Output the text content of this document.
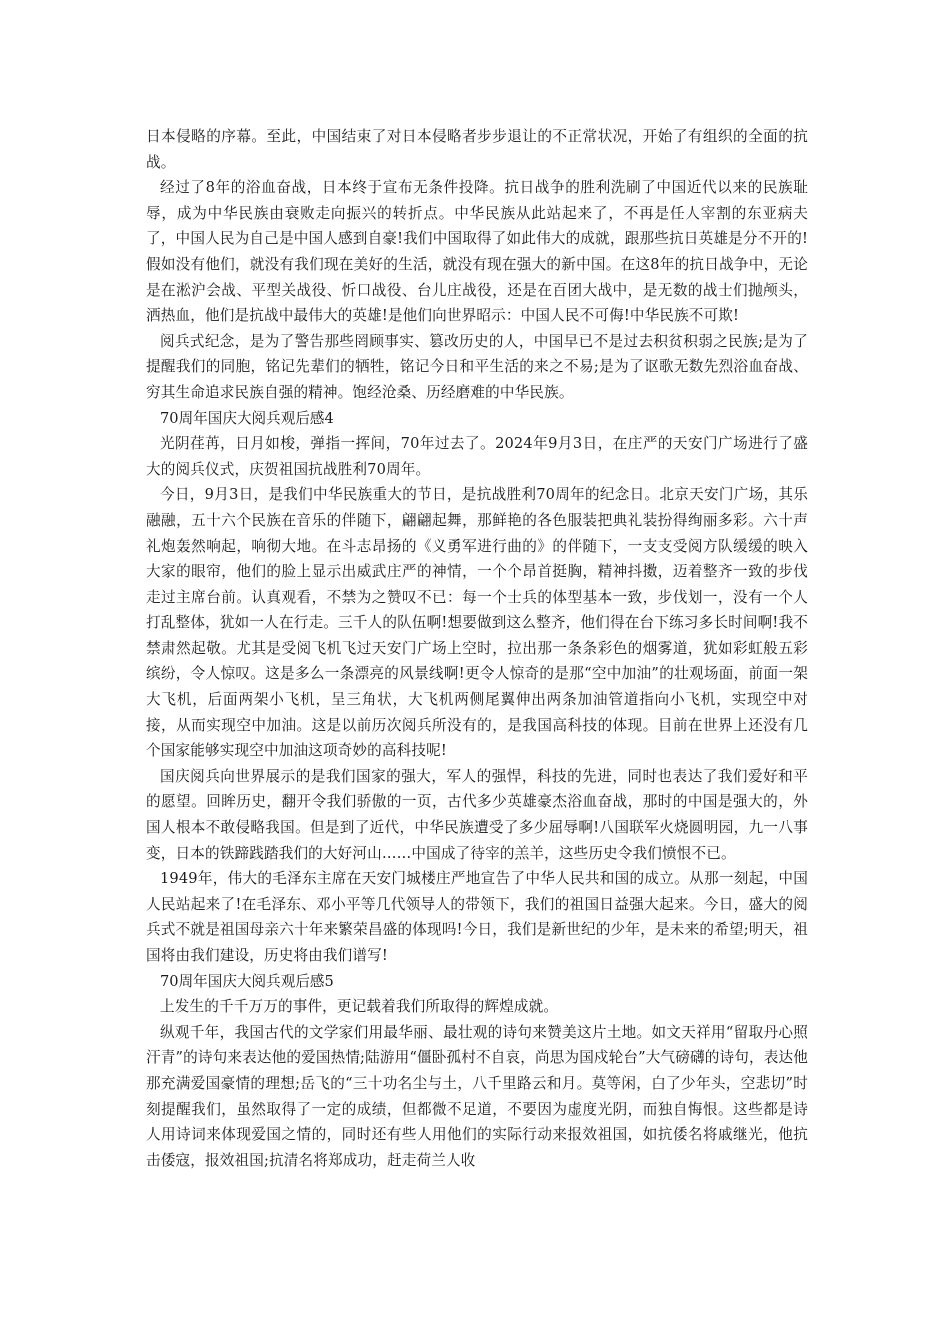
日本侵略的序幕。至此，中国结束了对日本侵略者步步退让的不正常状况，开始了有组织的全面的抗战。

经过了8年的浴血奋战，日本终于宣布无条件投降。抗日战争的胜利洗刷了中国近代以来的民族耻辱，成为中华民族由衰败走向振兴的转折点。中华民族从此站起来了，不再是任人宰割的东亚病夫了，中国人民为自己是中国人感到自豪!我们中国取得了如此伟大的成就，跟那些抗日英雄是分不开的!假如没有他们，就没有我们现在美好的生活，就没有现在强大的新中国。在这8年的抗日战争中，无论是在淞沪会战、平型关战役、忻口战役、台儿庄战役，还是在百团大战中，是无数的战士们抛颅头，洒热血，他们是抗战中最伟大的英雄!是他们向世界昭示：中国人民不可侮!中华民族不可欺!

阅兵式纪念，是为了警告那些罔顾事实、篡改历史的人，中国早已不是过去积贫积弱之民族;是为了提醒我们的同胞，铭记先辈们的牺牲，铭记今日和平生活的来之不易;是为了讴歌无数先烈浴血奋战、穷其生命追求民族自强的精神。饱经沧桑、历经磨难的中华民族。

70周年国庆大阅兵观后感4

光阴荏苒，日月如梭，弹指一挥间，70年过去了。2024年9月3日，在庄严的天安门广场进行了盛大的阅兵仪式，庆贺祖国抗战胜利70周年。

今日，9月3日，是我们中华民族重大的节日，是抗战胜利70周年的纪念日。北京天安门广场，其乐融融，五十六个民族在音乐的伴随下，翩翩起舞，那鲜艳的各色服装把典礼装扮得绚丽多彩。六十声礼炮轰然响起，响彻大地。在斗志昂扬的《义勇军进行曲的》的伴随下，一支支受阅方队缓缓的映入大家的眼帘，他们的脸上显示出威武庄严的神情，一个个昂首挺胸，精神抖擞，迈着整齐一致的步伐走过主席台前。认真观看，不禁为之赞叹不已：每一个士兵的体型基本一致，步伐划一，没有一个人打乱整体，犹如一人在行走。三千人的队伍啊!想要做到这么整齐，他们得在台下练习多长时间啊!我不禁肃然起敬。尤其是受阅飞机飞过天安门广场上空时，拉出那一条条彩色的烟雾道，犹如彩虹般五彩缤纷，令人惊叹。这是多么一条漂亮的风景线啊!更令人惊奇的是那“空中加油”的壮观场面，前面一架大飞机，后面两架小飞机，呈三角状，大飞机两侧尾翼伸出两条加油管道指向小飞机，实现空中对接，从而实现空中加油。这是以前历次阅兵所没有的，是我国高科技的体现。目前在世界上还没有几个国家能够实现空中加油这项奇妙的高科技呢!

国庆阅兵向世界展示的是我们国家的强大，军人的强悍，科技的先进，同时也表达了我们爱好和平的愿望。回眸历史，翻开令我们骄傲的一页，古代多少英雄豪杰浴血奋战，那时的中国是强大的，外国人根本不敢侵略我国。但是到了近代，中华民族遭受了多少屈辱啊!八国联军火烧圆明园，九一八事变，日本的铁蹄践踏我们的大好河山……中国成了待宰的羔羊，这些历史令我们愤恨不已。

1949年，伟大的毛泽东主席在天安门城楼庄严地宣告了中华人民共和国的成立。从那一刻起，中国人民站起来了!在毛泽东、邓小平等几代领导人的带领下，我们的祖国日益强大起来。今日，盛大的阅兵式不就是祖国母亲六十年来繁荣昌盛的体现吗!今日，我们是新世纪的少年，是未来的希望;明天，祖国将由我们建设，历史将由我们谱写!

70周年国庆大阅兵观后感5

上发生的千千万万的事件，更记载着我们所取得的辉煌成就。

纵观千年，我国古代的文学家们用最华丽、最壮观的诗句来赞美这片土地。如文天祥用“留取丹心照汗青”的诗句来表达他的爱国热情;陆游用“僵卧孤村不自哀，尚思为国戍轮台”大气磅礴的诗句，表达他那充满爱国豪情的理想;岳飞的“三十功名尘与土，八千里路云和月。莫等闲，白了少年头，空悲切”时刻提醒我们，虽然取得了一定的成绩，但都微不足道，不要因为虚度光阴，而独自悔恨。这些都是诗人用诗词来体现爱国之情的，同时还有些人用他们的实际行动来报效祖国，如抗倭名将戚继光，他抗击倭寇，报效祖国;抗清名将郑成功，赶走荷兰人收
